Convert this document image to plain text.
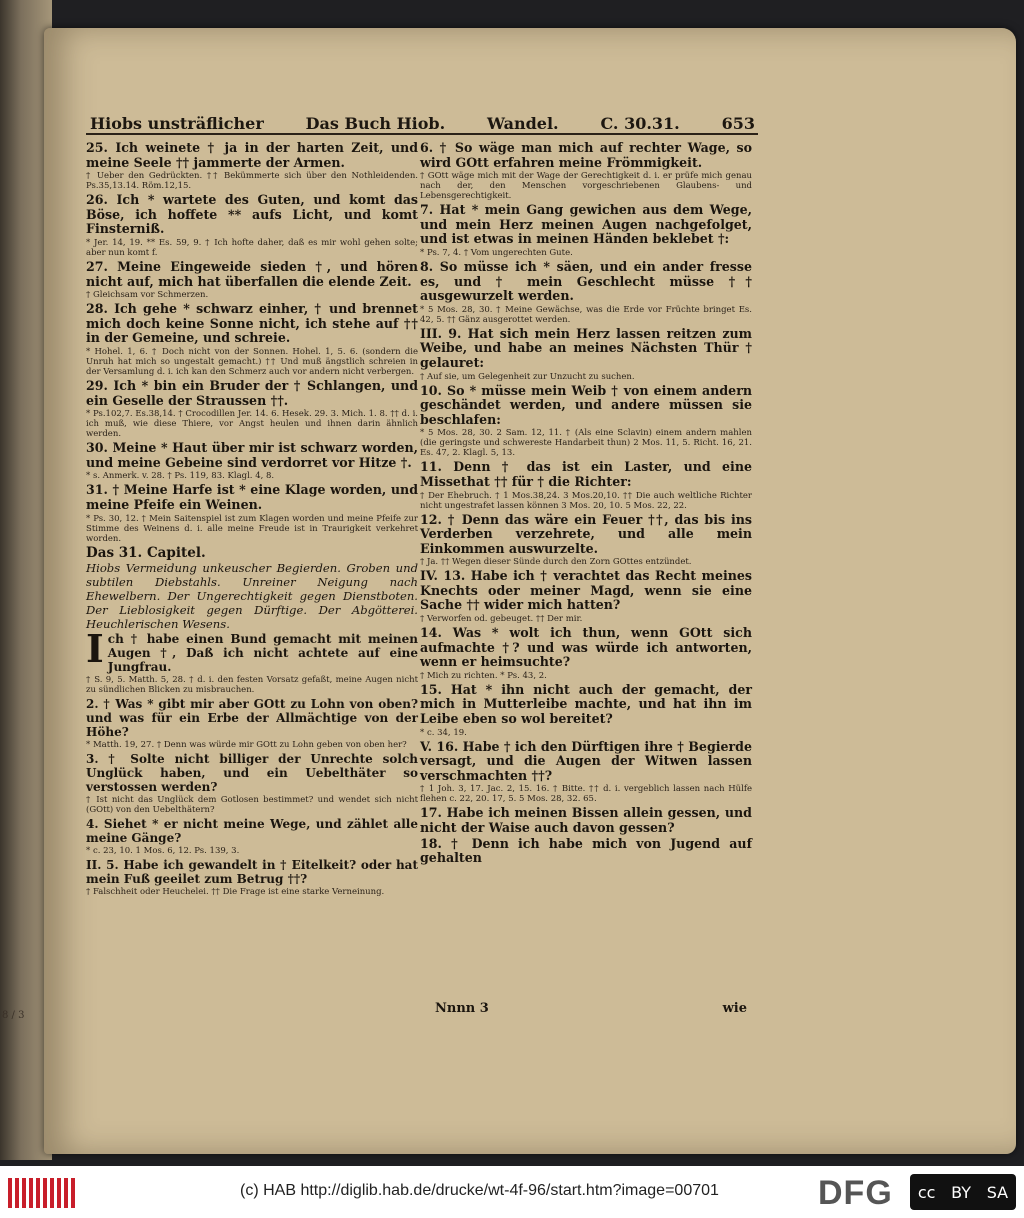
8 / 3
Hiobs unsträflicher	Das Buch Hiob.	Wandel.	C. 30.31.	653

25. Ich weinete † ja in der harten Zeit, und meine Seele †† jammerte der Armen.

† Ueber den Gedrückten. †† Bekümmerte sich über den Nothleidenden. Ps.35,13.14. Röm.12,15.

26. Ich * wartete des Guten, und komt das Böse, ich hoffete ** aufs Licht, und komt Finsterniß.

* Jer. 14, 19. ** Es. 59, 9. † Ich hofte daher, daß es mir wohl gehen solte; aber nun komt f.

27. Meine Eingeweide sieden †, und hören nicht auf, mich hat überfallen die elende Zeit.

† Gleichsam vor Schmerzen.

28. Ich gehe * schwarz einher, † und brennet mich doch keine Sonne nicht, ich stehe auf †† in der Gemeine, und schreie.

* Hohel. 1, 6. † Doch nicht von der Sonnen. Hohel. 1, 5. 6. (sondern die Unruh hat mich so ungestalt gemacht.) †† Und muß ängstlich schreien in der Versamlung d. i. ich kan den Schmerz auch vor andern nicht verbergen.

29. Ich * bin ein Bruder der † Schlangen, und ein Geselle der Straussen ††.

* Ps.102,7. Es.38,14. † Crocodillen Jer. 14. 6. Hesek. 29. 3. Mich. 1. 8. †† d. i. ich muß, wie diese Thiere, vor Angst heulen und ihnen darin ähnlich werden.

30. Meine * Haut über mir ist schwarz worden, und meine Gebeine sind verdorret vor Hitze †.

* s. Anmerk. v. 28. † Ps. 119, 83. Klagl. 4, 8.

31. † Meine Harfe ist * eine Klage worden, und meine Pfeife ein Weinen.

* Ps. 30, 12. † Mein Saitenspiel ist zum Klagen worden und meine Pfeife zur Stimme des Weinens d. i. alle meine Freude ist in Traurigkeit verkehret worden.

Das 31. Capitel.

Hiobs Vermeidung unkeuscher Begierden. Groben und subtilen Diebstahls. Unreiner Neigung nach Ehewelbern. Der Ungerechtigkeit gegen Dienstboten. Der Lieblosigkeit gegen Dürftige. Der Abgötterei. Heuchlerischen Wesens.

Ich † habe einen Bund gemacht mit meinen Augen †, Daß ich nicht achtete auf eine Jungfrau.

† S. 9, 5. Matth. 5, 28. † d. i. den festen Vorsatz gefaßt, meine Augen nicht zu sündlichen Blicken zu misbrauchen.

2. † Was * gibt mir aber GOtt zu Lohn von oben? und was für ein Erbe der Allmächtige von der Höhe?

* Matth. 19, 27. † Denn was würde mir GOtt zu Lohn geben von oben her?

3. † Solte nicht billiger der Unrechte solch Unglück haben, und ein Uebelthäter so verstossen werden?

† Ist nicht das Unglück dem Gotlosen bestimmet? und wendet sich nicht (GOtt) von den Uebelthätern?

4. Siehet * er nicht meine Wege, und zählet alle meine Gänge?

* c. 23, 10. 1 Mos. 6, 12. Ps. 139, 3.

II. 5. Habe ich gewandelt in † Eitelkeit? oder hat mein Fuß geeilet zum Betrug ††?

† Falschheit oder Heuchelei. †† Die Frage ist eine starke Verneinung.

6. † So wäge man mich auf rechter Wage, so wird GOtt erfahren meine Frömmigkeit.

† GOtt wäge mich mit der Wage der Gerechtigkeit d. i. er prüfe mich genau nach der, den Menschen vorgeschriebenen Glaubens- und Lebensgerechtigkeit.

7. Hat * mein Gang gewichen aus dem Wege, und mein Herz meinen Augen nachgefolget, und ist etwas in meinen Händen beklebet †:

* Ps. 7, 4. † Vom ungerechten Gute.

8. So müsse ich * säen, und ein ander fresse es, und † mein Geschlecht müsse †† ausgewurzelt werden.

* 5 Mos. 28, 30. † Meine Gewächse, was die Erde vor Früchte bringet Es. 42, 5. †† Gänz ausgerottet werden.

III. 9. Hat sich mein Herz lassen reitzen zum Weibe, und habe an meines Nächsten Thür † gelauret:

† Auf sie, um Gelegenheit zur Unzucht zu suchen.

10. So * müsse mein Weib † von einem andern geschändet werden, und andere müssen sie beschlafen:

* 5 Mos. 28, 30. 2 Sam. 12, 11. † (Als eine Sclavin) einem andern mahlen (die geringste und schwereste Handarbeit thun) 2 Mos. 11, 5. Richt. 16, 21. Es. 47, 2. Klagl. 5, 13.

11. Denn † das ist ein Laster, und eine Missethat †† für † die Richter:

† Der Ehebruch. † 1 Mos.38,24. 3 Mos.20,10. †† Die auch weltliche Richter nicht ungestrafet lassen können 3 Mos. 20, 10. 5 Mos. 22, 22.

12. † Denn das wäre ein Feuer ††, das bis ins Verderben verzehrete, und alle mein Einkommen auswurzelte.

† Ja. †† Wegen dieser Sünde durch den Zorn GOttes entzündet.

IV. 13. Habe ich † verachtet das Recht meines Knechts oder meiner Magd, wenn sie eine Sache †† wider mich hatten?

† Verworfen od. gebeuget. †† Der mir.

14. Was * wolt ich thun, wenn GOtt sich aufmachte †? und was würde ich antworten, wenn er heimsuchte?

† Mich zu richten. * Ps. 43, 2.

15. Hat * ihn nicht auch der gemacht, der mich in Mutterleibe machte, und hat ihn im Leibe eben so wol bereitet?

* c. 34, 19.

V. 16. Habe † ich den Dürftigen ihre † Begierde versagt, und die Augen der Witwen lassen verschmachten ††?

† 1 Joh. 3, 17. Jac. 2, 15. 16. † Bitte. †† d. i. vergeblich lassen nach Hülfe flehen c. 22, 20. 17, 5. 5 Mos. 28, 32. 65.

17. Habe ich meinen Bissen allein gessen, und nicht der Waise auch davon gessen?

18. † Denn ich habe mich von Jugend auf gehalten

Nnnn 3	wie
(c) HAB http://diglib.hab.de/drucke/wt-4f-96/start.htm?image=00701	DFG cc BY SA
